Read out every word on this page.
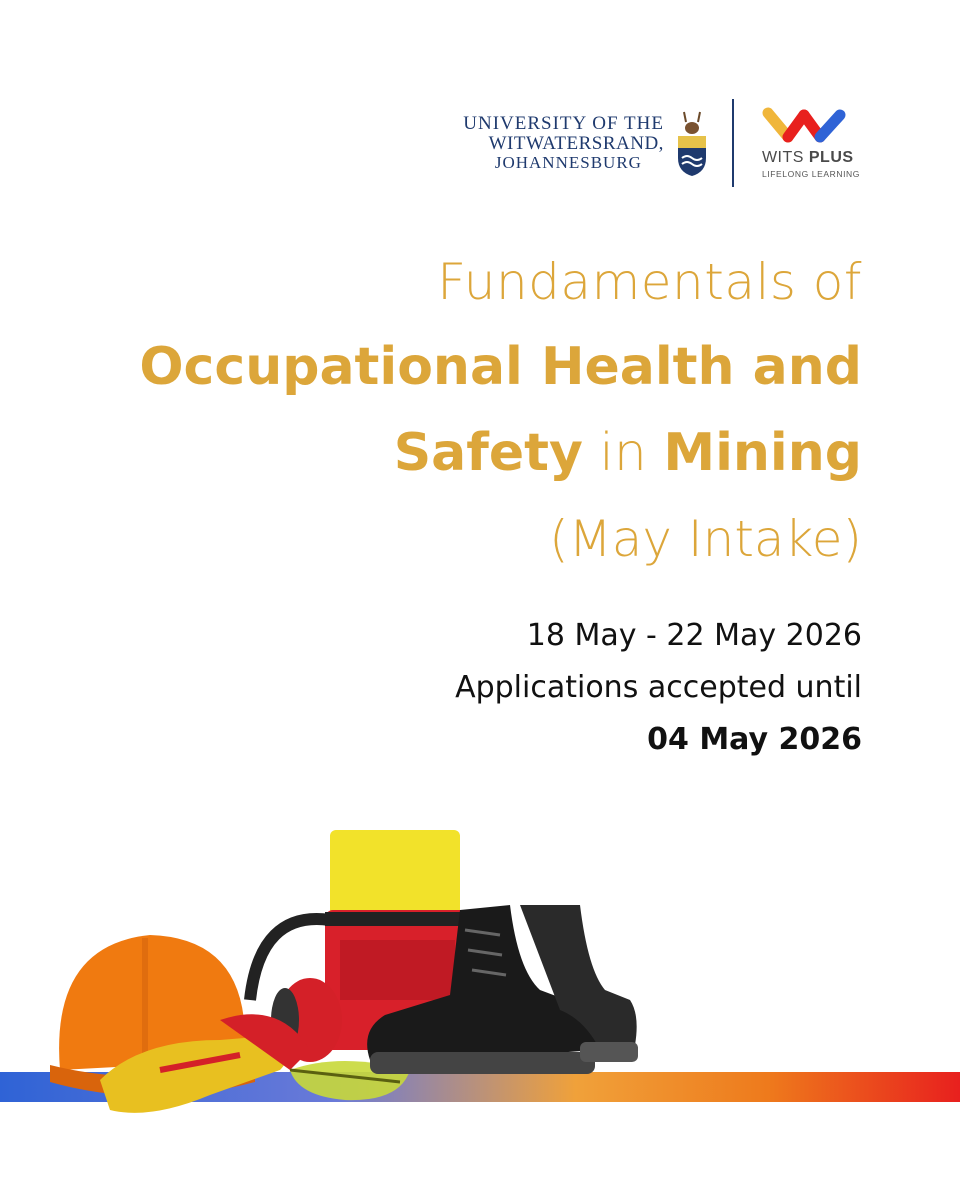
UNIVERSITY OF THE
WITWATERSRAND,
JOHANNESBURG	WITS PLUS
LIFELONG LEARNING
Fundamentals of
Occupational Health and
Safety in Mining
(May Intake)
18 May - 22 May 2026
Applications accepted until
04 May 2026
